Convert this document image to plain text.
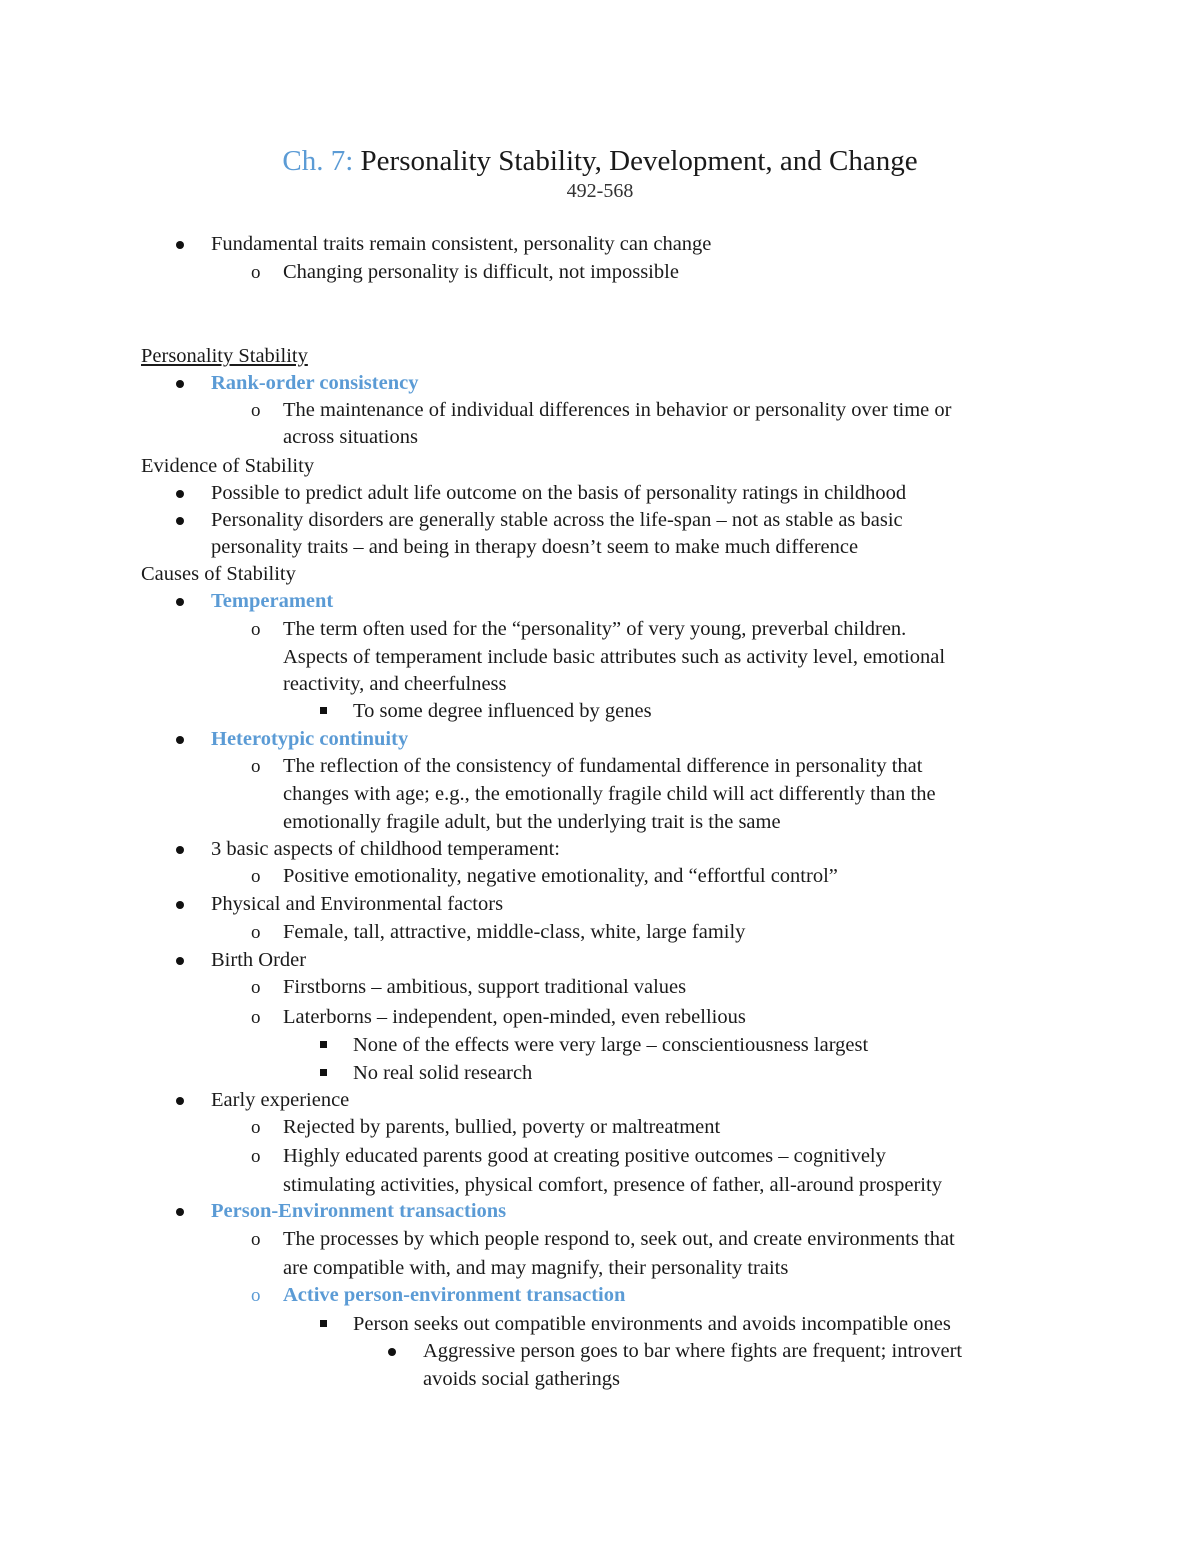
Ch. 7: Personality Stability, Development, and Change
492-568
Fundamental traits remain consistent, personality can change
o Changing personality is difficult, not impossible
Personality Stability
Rank-order consistency
o The maintenance of individual differences in behavior or personality over time or
across situations
Evidence of Stability
Possible to predict adult life outcome on the basis of personality ratings in childhood
Personality disorders are generally stable across the life-span – not as stable as basic
personality traits – and being in therapy doesn’t seem to make much difference
Causes of Stability
Temperament
o The term often used for the “personality” of very young, preverbal children.
Aspects of temperament include basic attributes such as activity level, emotional
reactivity, and cheerfulness
To some degree influenced by genes
Heterotypic continuity
o The reflection of the consistency of fundamental difference in personality that
changes with age; e.g., the emotionally fragile child will act differently than the
emotionally fragile adult, but the underlying trait is the same
3 basic aspects of childhood temperament:
o Positive emotionality, negative emotionality, and “effortful control”
Physical and Environmental factors
o Female, tall, attractive, middle-class, white, large family
Birth Order
o Firstborns – ambitious, support traditional values
o Laterborns – independent, open-minded, even rebellious
None of the effects were very large – conscientiousness largest
No real solid research
Early experience
o Rejected by parents, bullied, poverty or maltreatment
o Highly educated parents good at creating positive outcomes – cognitively
stimulating activities, physical comfort, presence of father, all-around prosperity
Person-Environment transactions
o The processes by which people respond to, seek out, and create environments that
are compatible with, and may magnify, their personality traits
o Active person-environment transaction
Person seeks out compatible environments and avoids incompatible ones
Aggressive person goes to bar where fights are frequent; introvert
avoids social gatherings
